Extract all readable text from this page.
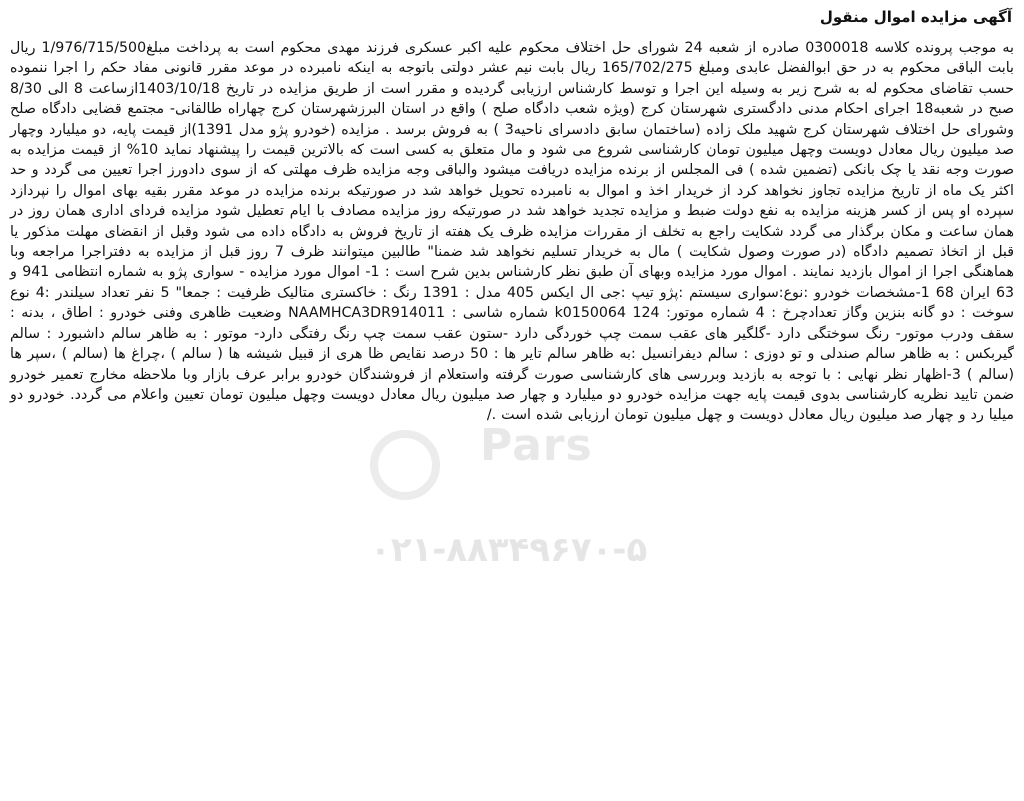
آگهی مزایده اموال منقول

به موجب پرونده کلاسه 0300018 صادره از شعبه 24 شورای حل اختلاف محکوم علیه اکبر عسکری فرزند مهدی محکوم است به پرداخت مبلغ1/976/715/500 ریال بابت الباقی محکوم به در حق ابوالفضل عابدی ومبلغ 165/702/275 ریال بابت نیم عشر دولتی باتوجه به اینکه نامبرده در موعد مقرر قانونی مفاد حکم را اجرا ننموده حسب تقاضای محکوم له به شرح زیر به وسیله این اجرا و توسط کارشناس ارزیابی گردیده و مقرر است از طریق مزایده در تاریخ 1403/10/18ازساعت 8 الی 8/30 صبح در شعبه18 اجرای احکام مدنی دادگستری شهرستان کرج (ویژه شعب دادگاه صلح ) واقع در استان البرزشهرستان کرج چهاراه طالقانی- مجتمع قضایی دادگاه صلح وشورای حل اختلاف شهرستان کرج شهید ملک زاده (ساختمان سابق دادسرای ناحیه3 ) به فروش برسد . مزایده (خودرو پژو مدل 1391)از قیمت پایه، دو میلیارد وچهار صد میلیون ریال معادل دویست وچهل میلیون تومان کارشناسی شروع می شود و مال متعلق به کسی است که بالاترین قیمت را پیشنهاد نماید 10% از قیمت مزایده به صورت وجه نقد یا چک بانکی (تضمین شده ) فی المجلس از برنده مزایده دریافت میشود والباقی وجه مزایده ظرف مهلتی که از سوی دادورز اجرا تعیین می گردد و حد اکثر یک ماه از تاریخ مزایده تجاوز نخواهد کرد از خریدار اخذ و اموال به نامبرده تحویل خواهد شد در صورتیکه برنده مزایده در موعد مقرر بقیه بهای اموال را نپردازد سپرده او پس از کسر هزینه مزایده به نفع دولت ضبط و مزایده تجدید خواهد شد در صورتیکه روز مزایده مصادف با ایام تعطیل شود مزایده فردای اداری همان روز در همان ساعت و مکان برگذار می گردد شکایت راجع به تخلف از مقررات مزایده ظرف یک هفته از تاریخ فروش به دادگاه داده می شود وقبل از انقضای مهلت مذکور یا قبل از اتخاذ تصمیم دادگاه (در صورت وصول شکایت ) مال به خریدار تسلیم نخواهد شد ضمنا" طالبین میتوانند ظرف 7 روز قبل از مزایده به دفتراجرا مراجعه وبا هماهنگی اجرا از اموال بازدید نمایند . اموال مورد مزایده وبهای آن طبق نظر کارشناس بدین شرح است : 1- اموال مورد مزایده - سواری پژو به شماره انتظامی 941 و 63 ایران 68 1-مشخصات خودرو :نوع:سواری سیستم :پژو تیپ :جی ال ایکس 405 مدل : 1391 رنگ : خاکستری متالیک ظرفیت : جمعا" 5 نفر تعداد سیلندر :4 نوع سوخت : دو گانه بنزین وگاز تعدادچرخ : 4 شماره موتور: k0150064 124 شماره شاسی : NAAMHCA3DR914011 وضعیت ظاهری وفنی خودرو : اطاق ، بدنه : سقف ودرب موتور- رنگ سوختگی دارد -گلگیر های عقب سمت چپ خوردگی دارد -ستون عقب سمت چپ رنگ رفتگی دارد- موتور : به ظاهر سالم داشبورد : سالم گیربکس : به ظاهر سالم صندلی و تو دوزی : سالم دیفرانسیل :به ظاهر سالم تایر ها : 50 درصد نقایص ظا هری از قبیل شیشه ها ( سالم ) ،چراغ ها (سالم ) ،سپر ها (سالم ) 3-اظهار نظر نهایی : با توجه به بازدید وبررسی های کارشناسی صورت گرفته واستعلام از فروشندگان خودرو برابر عرف بازار وبا ملاحظه مخارج تعمیر خودرو ضمن تایید نظریه کارشناسی بدوی قیمت پایه جهت مزایده خودرو دو میلیارد و چهار صد میلیون ریال معادل دویست وچهل میلیون تومان تعیین واعلام می گردد. خودرو دو میلیا رد و چهار صد میلیون ریال معادل دویست و چهل میلیون تومان ارزیابی شده است ./

Pars
۰۲۱-۸۸۳۴۹۶۷۰-۵
